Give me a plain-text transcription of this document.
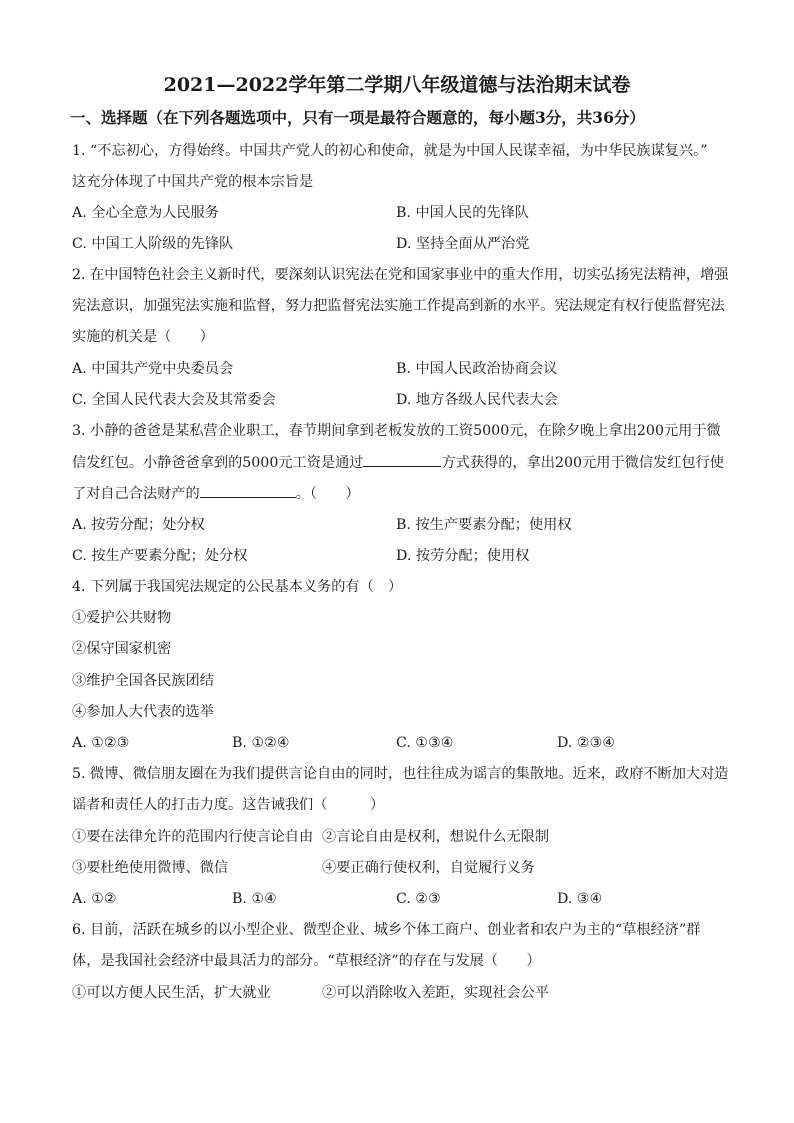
2021—2022学年第二学期八年级道德与法治期末试卷
一、选择题（在下列各题选项中，只有一项是最符合题意的，每小题3分，共36分）
1. “不忘初心，方得始终。中国共产党人的初心和使命，就是为中国人民谋幸福，为中华民族谋复兴。”
这充分体现了中国共产党的根本宗旨是
A. 全心全意为人民服务	B. 中国人民的先锋队
C. 中国工人阶级的先锋队	D. 坚持全面从严治党
2. 在中国特色社会主义新时代，要深刻认识宪法在党和国家事业中的重大作用，切实弘扬宪法精神，增强
宪法意识，加强宪法实施和监督，努力把监督宪法实施工作提高到新的水平。宪法规定有权行使监督宪法
实施的机关是（　　）
A. 中国共产党中央委员会	B. 中国人民政治协商会议
C. 全国人民代表大会及其常委会	D. 地方各级人民代表大会
3. 小静的爸爸是某私营企业职工，春节期间拿到老板发放的工资5000元，在除夕晚上拿出200元用于微
信发红包。小静爸爸拿到的5000元工资是通过	方式获得的，拿出200元用于微信发红包行使
了对自己合法财产的	。（　　）
A. 按劳分配；处分权	B. 按生产要素分配；使用权
C. 按生产要素分配；处分权	D. 按劳分配；使用权
4. 下列属于我国宪法规定的公民基本义务的有（　）
①爱护公共财物
②保守国家机密
③维护全国各民族团结
④参加人大代表的选举
A. ①②③	B. ①②④	C. ①③④	D. ②③④
5. 微博、微信朋友圈在为我们提供言论自由的同时，也往往成为谣言的集散地。近来，政府不断加大对造
谣者和责任人的打击力度。这告诫我们（　　　）
①要在法律允许的范围内行使言论自由 ②言论自由是权利，想说什么无限制
③要杜绝使用微博、微信	④要正确行使权利，自觉履行义务
A. ①②	B. ①④	C. ②③	D. ③④
6. 目前，活跃在城乡的以小型企业、微型企业、城乡个体工商户、创业者和农户为主的“草根经济”群
体，是我国社会经济中最具活力的部分。“草根经济”的存在与发展（　　）
①可以方便人民生活，扩大就业	②可以消除收入差距，实现社会公平
